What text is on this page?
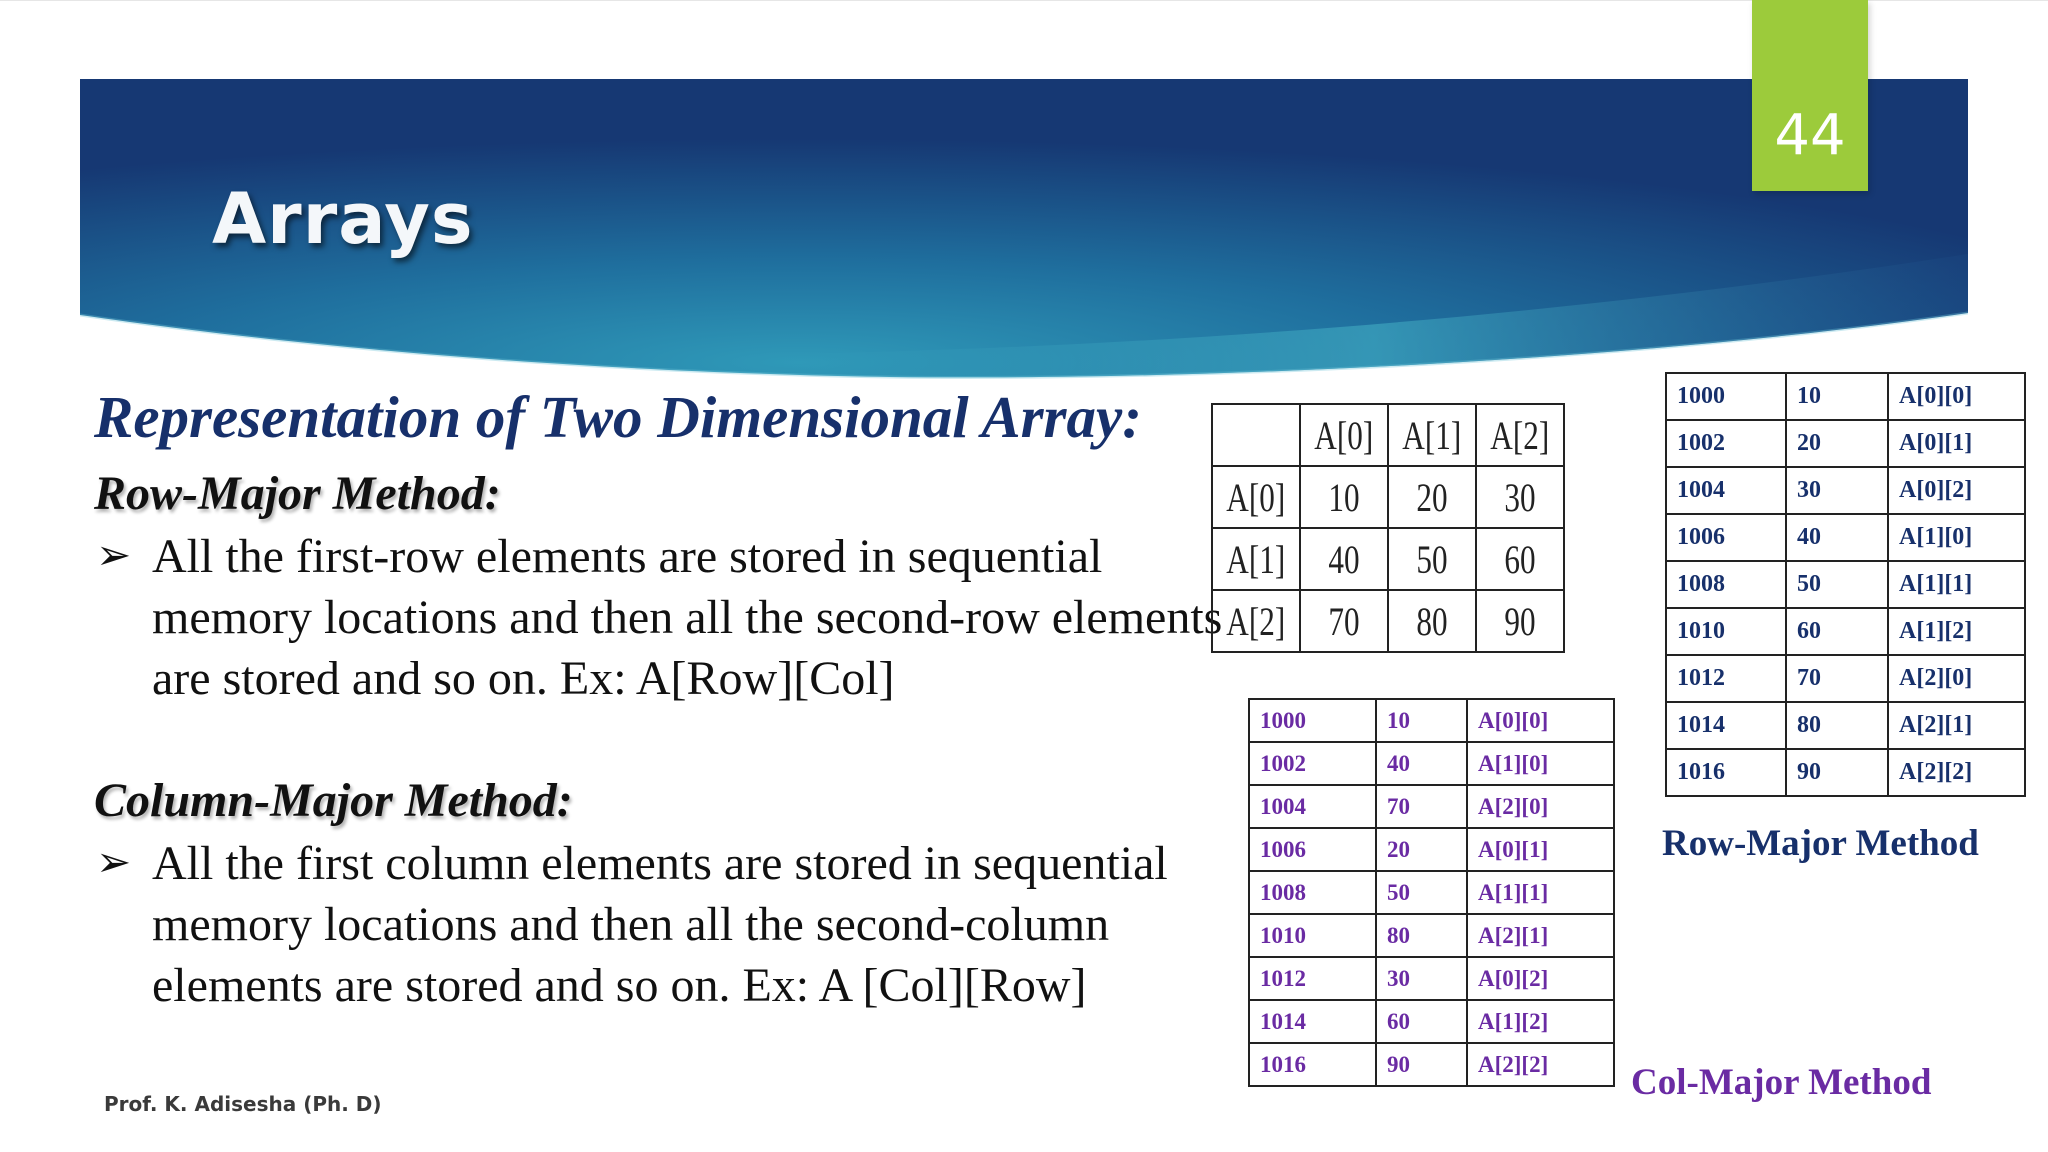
Arrays
44
Representation of Two Dimensional Array:
Row-Major Method:

➢ All the first-row elements are stored in sequential memory locations and then all the second-row elements are stored and so on. Ex: A[Row][Col]

Column-Major Method:

➢ All the first column elements are stored in sequential memory locations and then all the second-column elements are stored and so on. Ex: A [Col][Row]

Prof. K. Adisesha (Ph. D)

	A[0]	A[1]	A[2]
A[0]	10	20	30
A[1]	40	50	60
A[2]	70	80	90
1000	10	A[0][0]
1002	20	A[0][1]
1004	30	A[0][2]
1006	40	A[1][0]
1008	50	A[1][1]
1010	60	A[1][2]
1012	70	A[2][0]
1014	80	A[2][1]
1016	90	A[2][2]

Row-Major Method

1000	10	A[0][0]
1002	40	A[1][0]
1004	70	A[2][0]
1006	20	A[0][1]
1008	50	A[1][1]
1010	80	A[2][1]
1012	30	A[0][2]
1014	60	A[1][2]
1016	90	A[2][2] Col-Major Method
